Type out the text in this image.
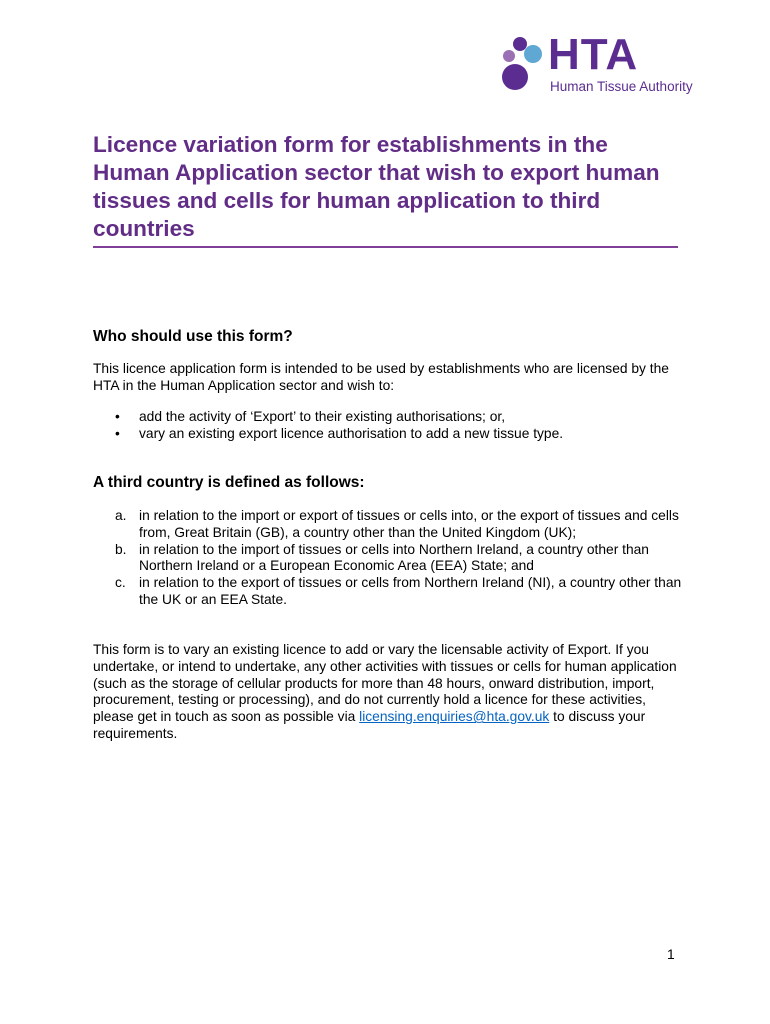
HTA
Human Tissue Authority
Licence variation form for establishments in the Human Application sector that wish to export human tissues and cells for human application to third countries
Who should use this form?

This licence application form is intended to be used by establishments who are licensed by the HTA in the Human Application sector and wish to:

• add the activity of ‘Export’ to their existing authorisations; or,
• vary an existing export licence authorisation to add a new tissue type.
A third country is defined as follows:
a. in relation to the import or export of tissues or cells into, or the export of tissues and cells from, Great Britain (GB), a country other than the United Kingdom (UK);
b. in relation to the import of tissues or cells into Northern Ireland, a country other than Northern Ireland or a European Economic Area (EEA) State; and
c. in relation to the export of tissues or cells from Northern Ireland (NI), a country other than the UK or an EEA State.

This form is to vary an existing licence to add or vary the licensable activity of Export. If you undertake, or intend to undertake, any other activities with tissues or cells for human application (such as the storage of cellular products for more than 48 hours, onward distribution, import, procurement, testing or processing), and do not currently hold a licence for these activities, please get in touch as soon as possible via licensing.enquiries@hta.gov.uk to discuss your requirements.

1
